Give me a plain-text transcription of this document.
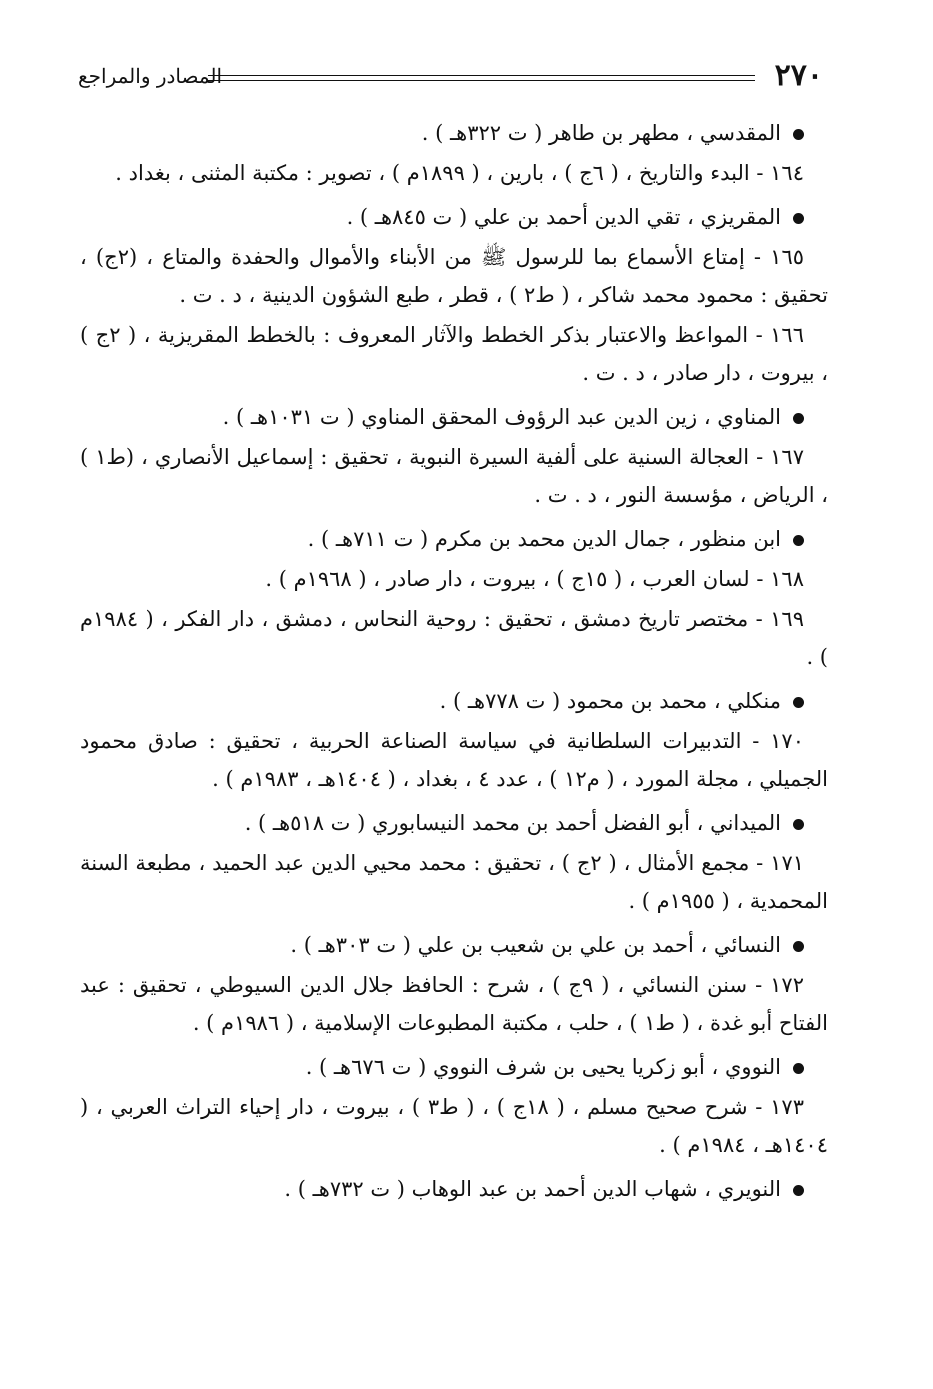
٢٧٠
المصادر والمراجع

المقدسي ، مطهر بن طاهر ( ت ٣٢٢هـ ) .

١٦٤ - البدء والتاريخ ، ( ٦ج ) ، بارين ، ( ١٨٩٩م ) ، تصوير : مكتبة المثنى ، بغداد .

المقريزي ، تقي الدين أحمد بن علي ( ت ٨٤٥هـ ) .

١٦٥ - إمتاع الأسماع بما للرسول ﷺ من الأبناء والأموال والحفدة والمتاع ، (٢ج) ، تحقيق : محمود محمد شاكر ، ( ط٢ ) ، قطر ، طبع الشؤون الدينية ، د . ت .

١٦٦ - المواعظ والاعتبار بذكر الخطط والآثار المعروف : بالخطط المقريزية ، ( ٢ج ) ، بيروت ، دار صادر ، د . ت .

المناوي ، زين الدين عبد الرؤوف المحقق المناوي ( ت ١٠٣١هـ ) .

١٦٧ - العجالة السنية على ألفية السيرة النبوية ، تحقيق : إسماعيل الأنصاري ، (ط١ ) ، الرياض ، مؤسسة النور ، د . ت .

ابن منظور ، جمال الدين محمد بن مكرم ( ت ٧١١هـ ) .

١٦٨ - لسان العرب ، ( ١٥ج ) ، بيروت ، دار صادر ، ( ١٩٦٨م ) .

١٦٩ - مختصر تاريخ دمشق ، تحقيق : روحية النحاس ، دمشق ، دار الفكر ، ( ١٩٨٤م ) .

منكلي ، محمد بن محمود ( ت ٧٧٨هـ ) .

١٧٠ - التدبيرات السلطانية في سياسة الصناعة الحربية ، تحقيق : صادق محمود الجميلي ، مجلة المورد ، ( م١٢ ) ، عدد ٤ ، بغداد ، ( ١٤٠٤هـ ، ١٩٨٣م ) .

الميداني ، أبو الفضل أحمد بن محمد النيسابوري ( ت ٥١٨هـ ) .

١٧١ - مجمع الأمثال ، ( ٢ج ) ، تحقيق : محمد محيي الدين عبد الحميد ، مطبعة السنة المحمدية ، ( ١٩٥٥م ) .

النسائي ، أحمد بن علي بن شعيب بن علي ( ت ٣٠٣هـ ) .

١٧٢ - سنن النسائي ، ( ٩ج ) ، شرح : الحافظ جلال الدين السيوطي ، تحقيق : عبد الفتاح أبو غدة ، ( ط١ ) ، حلب ، مكتبة المطبوعات الإسلامية ، ( ١٩٨٦م ) .

النووي ، أبو زكريا يحيى بن شرف النووي ( ت ٦٧٦هـ ) .

١٧٣ - شرح صحيح مسلم ، ( ١٨ج ) ، ( ط٣ ) ، بيروت ، دار إحياء التراث العربي ، ( ١٤٠٤هـ ، ١٩٨٤م ) .

النويري ، شهاب الدين أحمد بن عبد الوهاب ( ت ٧٣٢هـ ) .
